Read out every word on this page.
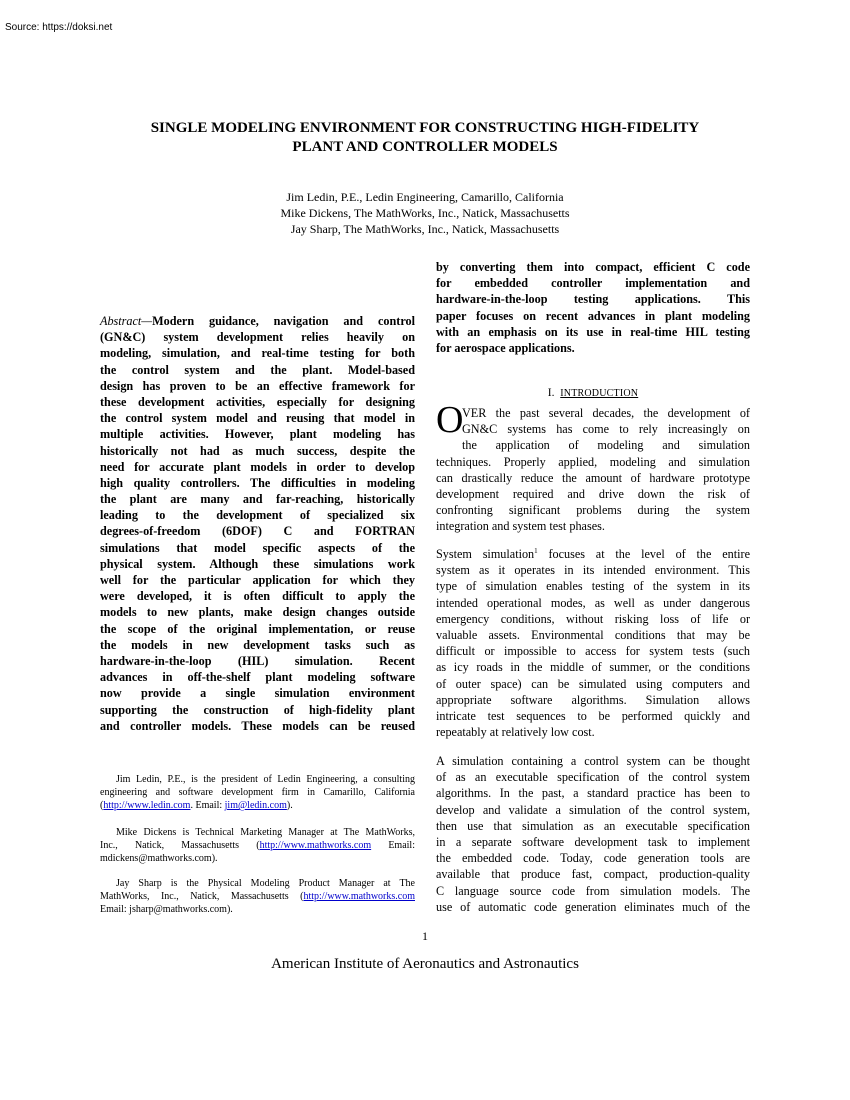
Source: https://doksi.net
SINGLE MODELING ENVIRONMENT FOR CONSTRUCTING HIGH-FIDELITY
PLANT AND CONTROLLER MODELS
Jim Ledin, P.E., Ledin Engineering, Camarillo, California
Mike Dickens, The MathWorks, Inc., Natick, Massachusetts
Jay Sharp, The MathWorks, Inc., Natick, Massachusetts
Abstract—Modern guidance, navigation and control
(GN&C) system development relies heavily on
modeling, simulation, and real-time testing for both
the control system and the plant. Model-based
design has proven to be an effective framework for
these development activities, especially for designing
the control system model and reusing that model in
multiple activities. However, plant modeling has
historically not had as much success, despite the
need for accurate plant models in order to develop
high quality controllers. The difficulties in modeling
the plant are many and far-reaching, historically
leading to the development of specialized six
degrees-of-freedom (6DOF) C and FORTRAN
simulations that model specific aspects of the
physical system. Although these simulations work
well for the particular application for which they
were developed, it is often difficult to apply the
models to new plants, make design changes outside
the scope of the original implementation, or reuse
the models in new development tasks such as
hardware-in-the-loop (HIL) simulation. Recent
advances in off-the-shelf plant modeling software
now provide a single simulation environment
supporting the construction of high-fidelity plant
and controller models. These models can be reused
by converting them into compact, efficient C code
for embedded controller implementation and
hardware-in-the-loop testing applications. This
paper focuses on recent advances in plant modeling
with an emphasis on its use in real-time HIL testing
for aerospace applications.
I. INTRODUCTION
O
VER the past several decades, the development of
GN&C systems has come to rely increasingly on
the application of modeling and simulation
techniques. Properly applied, modeling and simulation
can drastically reduce the amount of hardware prototype
development required and drive down the risk of
confronting significant problems during the system
integration and system test phases.
System simulation$^1$ focuses at the level of the entire
system as it operates in its intended environment. This
type of simulation enables testing of the system in its
intended operational modes, as well as under dangerous
emergency conditions, without risking loss of life or
valuable assets. Environmental conditions that may be
difficult or impossible to access for system tests (such
as icy roads in the middle of summer, or the conditions
of outer space) can be simulated using computers and
appropriate software algorithms. Simulation allows
intricate test sequences to be performed quickly and
repeatably at relatively low cost.
A simulation containing a control system can be thought
of as an executable specification of the control system
algorithms. In the past, a standard practice has been to
develop and validate a simulation of the control system,
then use that simulation as an executable specification
in a separate software development task to implement
the embedded code. Today, code generation tools are
available that produce fast, compact, production-quality
C language source code from simulation models. The
use of automatic code generation eliminates much of the
Jim Ledin, P.E., is the president of Ledin Engineering, a consulting
engineering and software development firm in Camarillo, California
(http://www.ledin.com. Email: jim@ledin.com).
Mike Dickens is Technical Marketing Manager at The MathWorks,
Inc., Natick, Massachusetts (http://www.mathworks.com Email:
mdickens@mathworks.com).
Jay Sharp is the Physical Modeling Product Manager at The
MathWorks, Inc., Natick, Massachusetts (http://www.mathworks.com
Email: jsharp@mathworks.com).
1
American Institute of Aeronautics and Astronautics
